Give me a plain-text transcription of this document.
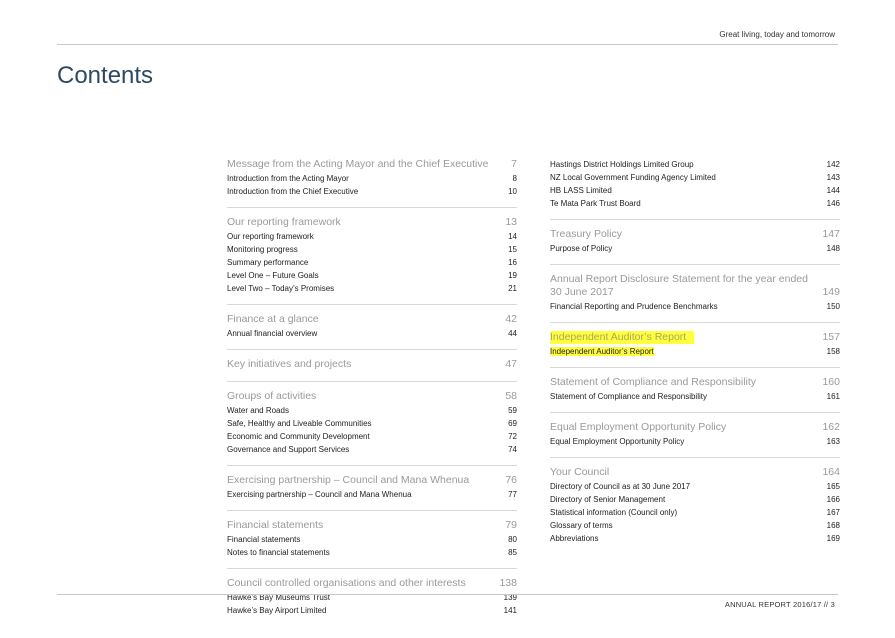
Great living, today and tomorrow
Contents
Message from the Acting Mayor and the Chief Executive	7
Introduction from the Acting Mayor	8
Introduction from the Chief Executive	10
Our reporting framework	13
Our reporting framework	14
Monitoring progress	15
Summary performance	16
Level One – Future Goals	19
Level Two – Today’s Promises	21
Finance at a glance	42
Annual financial overview	44
Key initiatives and projects	47
Groups of activities	58
Water and Roads	59
Safe, Healthy and Liveable Communities	69
Economic and Community Development	72
Governance and Support Services	74
Exercising partnership – Council and Mana Whenua	76
Exercising partnership – Council and Mana Whenua	77
Financial statements	79
Financial statements	80
Notes to financial statements	85
Council controlled organisations and other interests	138
Hawke’s Bay Museums Trust	139
Hawke’s Bay Airport Limited	141
Hastings District Holdings Limited Group	142
NZ Local Government Funding Agency Limited	143
HB LASS Limited	144
Te Mata Park Trust Board	146
Treasury Policy	147
Purpose of Policy	148
Annual Report Disclosure Statement for the year ended 30 June 2017	149
Financial Reporting and Prudence Benchmarks	150
Independent Auditor’s Report	157
Independent Auditor’s Report	158
Statement of Compliance and Responsibility	160
Statement of Compliance and Responsibility	161
Equal Employment Opportunity Policy	162
Equal Employment Opportunity Policy	163
Your Council	164
Directory of Council as at 30 June 2017	165
Directory of Senior Management	166
Statistical information (Council only)	167
Glossary of terms	168
Abbreviations	169
ANNUAL REPORT 2016/17 // 3
